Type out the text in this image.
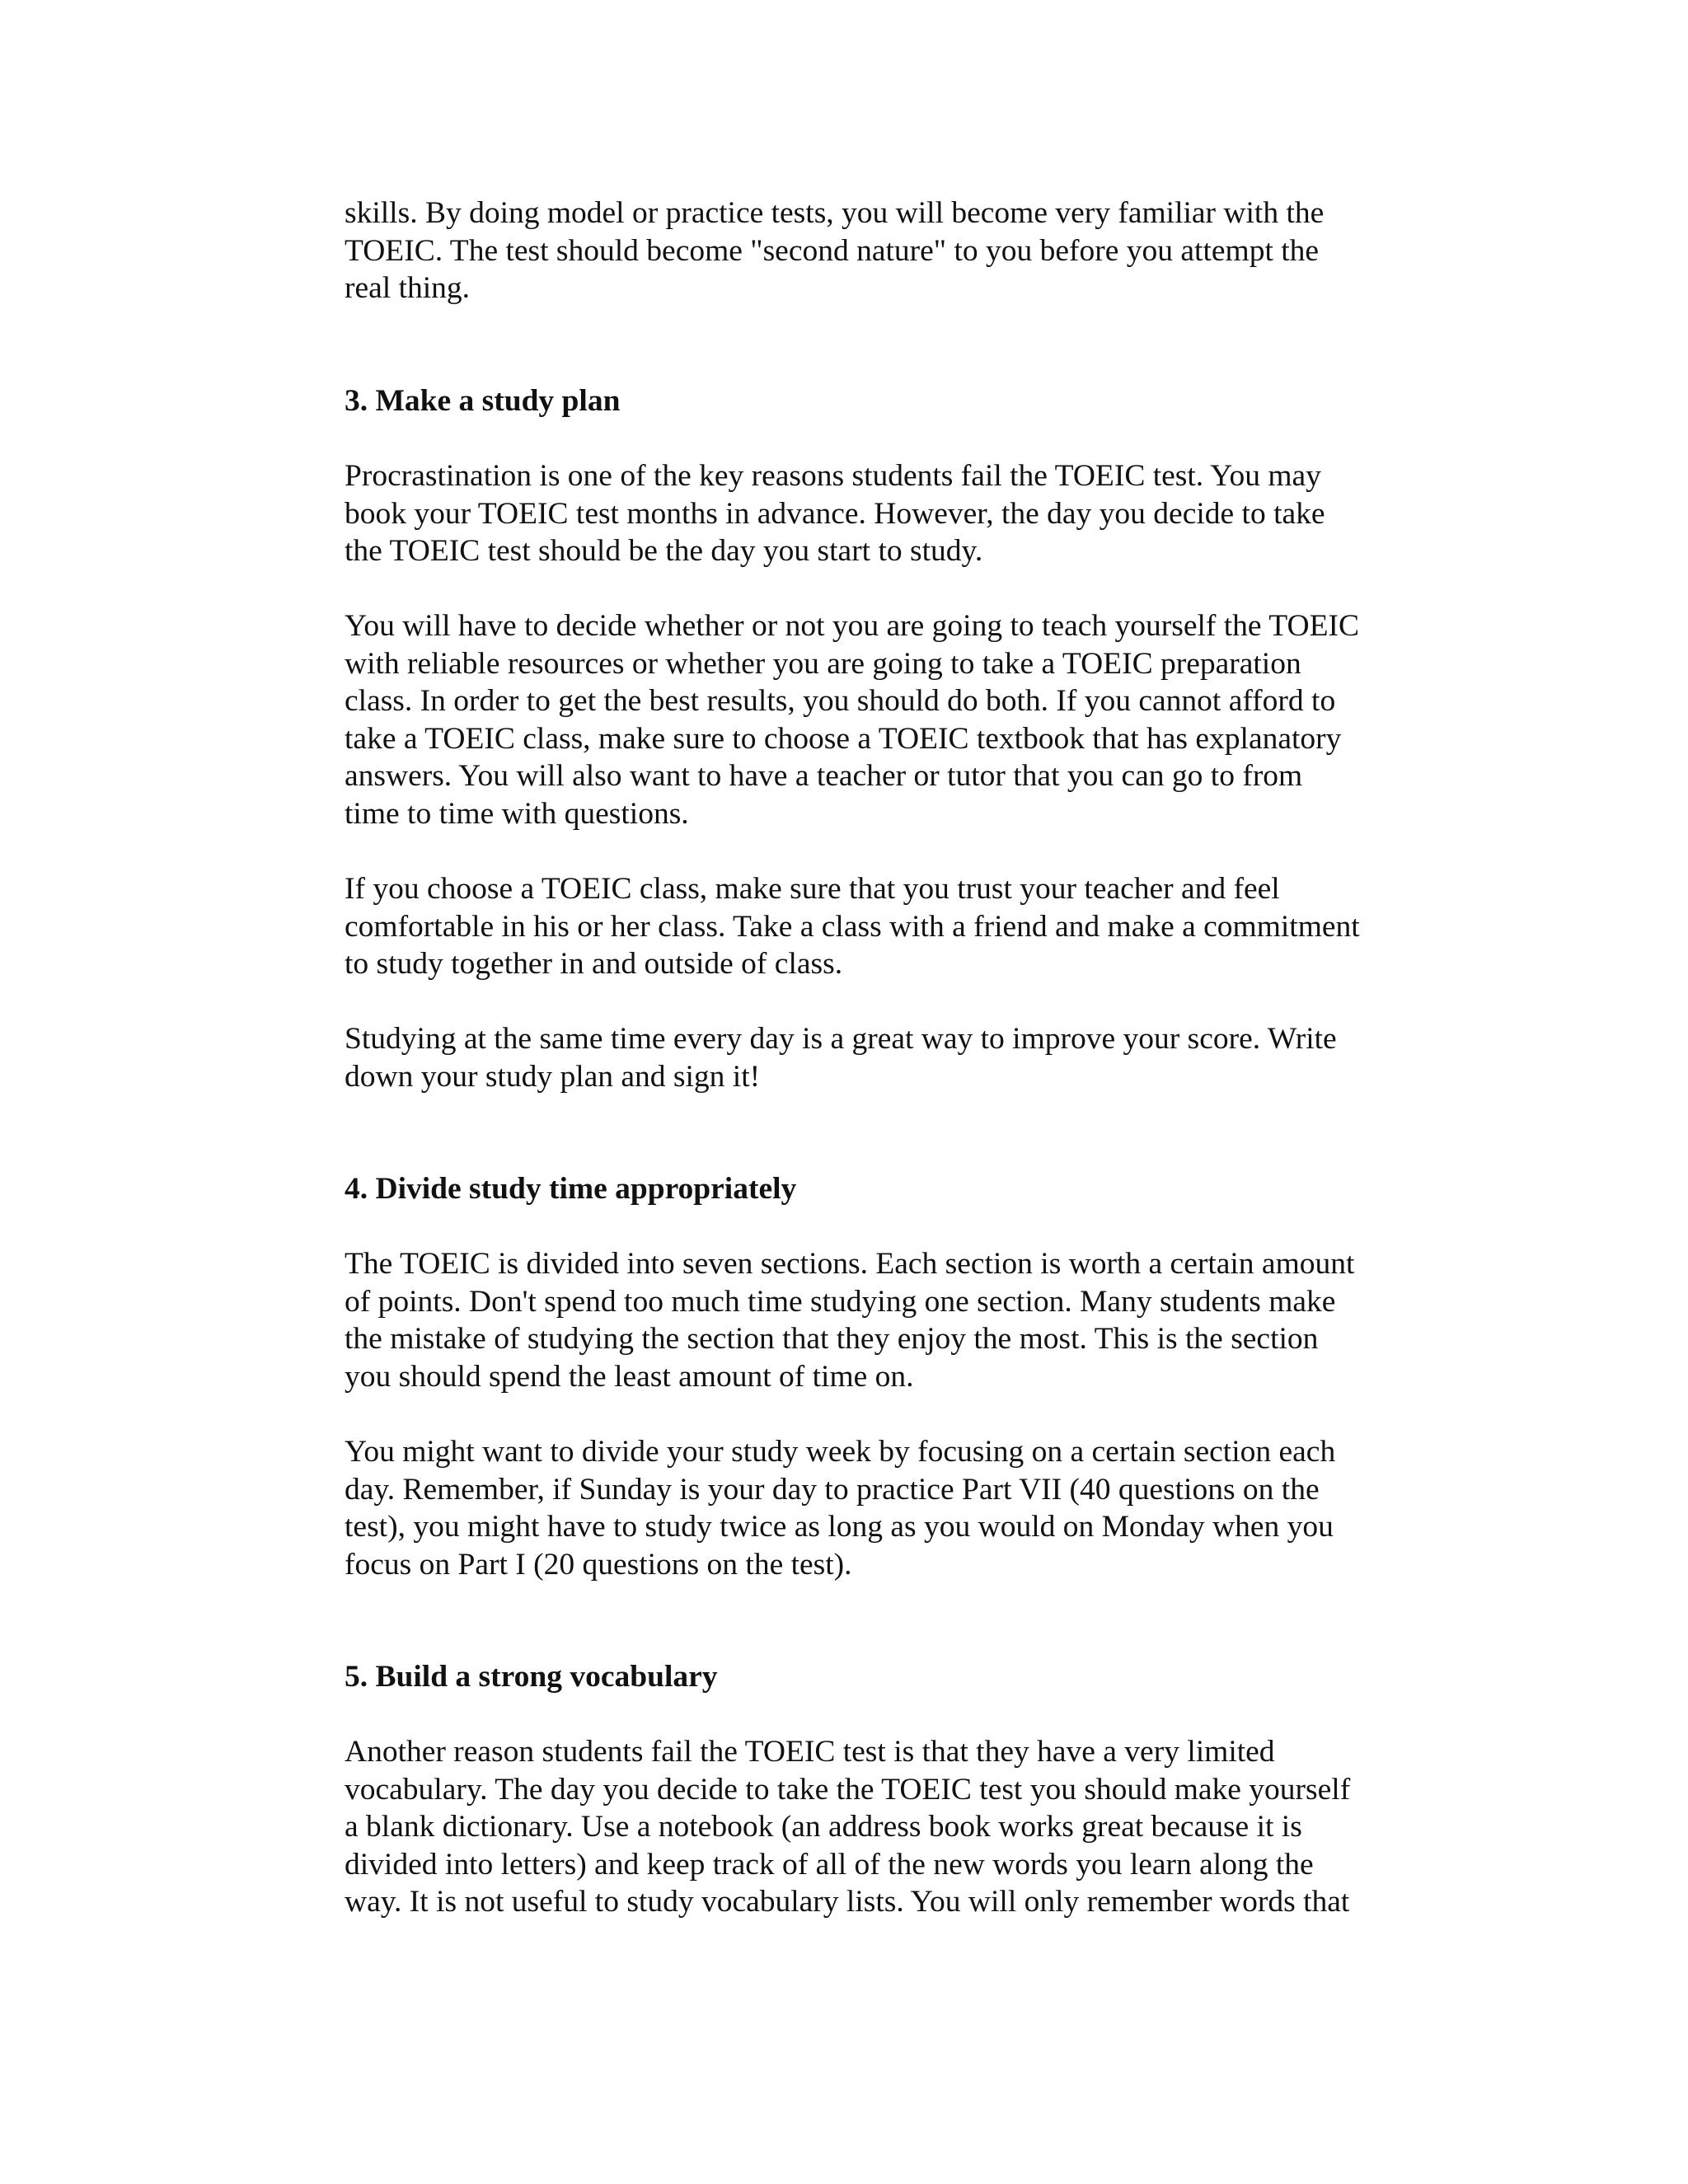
skills. By doing model or practice tests, you will become very familiar with the
TOEIC. The test should become "second nature" to you before you attempt the
real thing.
3. Make a study plan
Procrastination is one of the key reasons students fail the TOEIC test. You may
book your TOEIC test months in advance. However, the day you decide to take
the TOEIC test should be the day you start to study.
You will have to decide whether or not you are going to teach yourself the TOEIC
with reliable resources or whether you are going to take a TOEIC preparation
class. In order to get the best results, you should do both. If you cannot afford to
take a TOEIC class, make sure to choose a TOEIC textbook that has explanatory
answers. You will also want to have a teacher or tutor that you can go to from
time to time with questions.
If you choose a TOEIC class, make sure that you trust your teacher and feel
comfortable in his or her class. Take a class with a friend and make a commitment
to study together in and outside of class.
Studying at the same time every day is a great way to improve your score. Write
down your study plan and sign it!
4. Divide study time appropriately
The TOEIC is divided into seven sections. Each section is worth a certain amount
of points. Don't spend too much time studying one section. Many students make
the mistake of studying the section that they enjoy the most. This is the section
you should spend the least amount of time on.
You might want to divide your study week by focusing on a certain section each
day. Remember, if Sunday is your day to practice Part VII (40 questions on the
test), you might have to study twice as long as you would on Monday when you
focus on Part I (20 questions on the test).
5. Build a strong vocabulary
Another reason students fail the TOEIC test is that they have a very limited
vocabulary. The day you decide to take the TOEIC test you should make yourself
a blank dictionary. Use a notebook (an address book works great because it is
divided into letters) and keep track of all of the new words you learn along the
way. It is not useful to study vocabulary lists. You will only remember words that
